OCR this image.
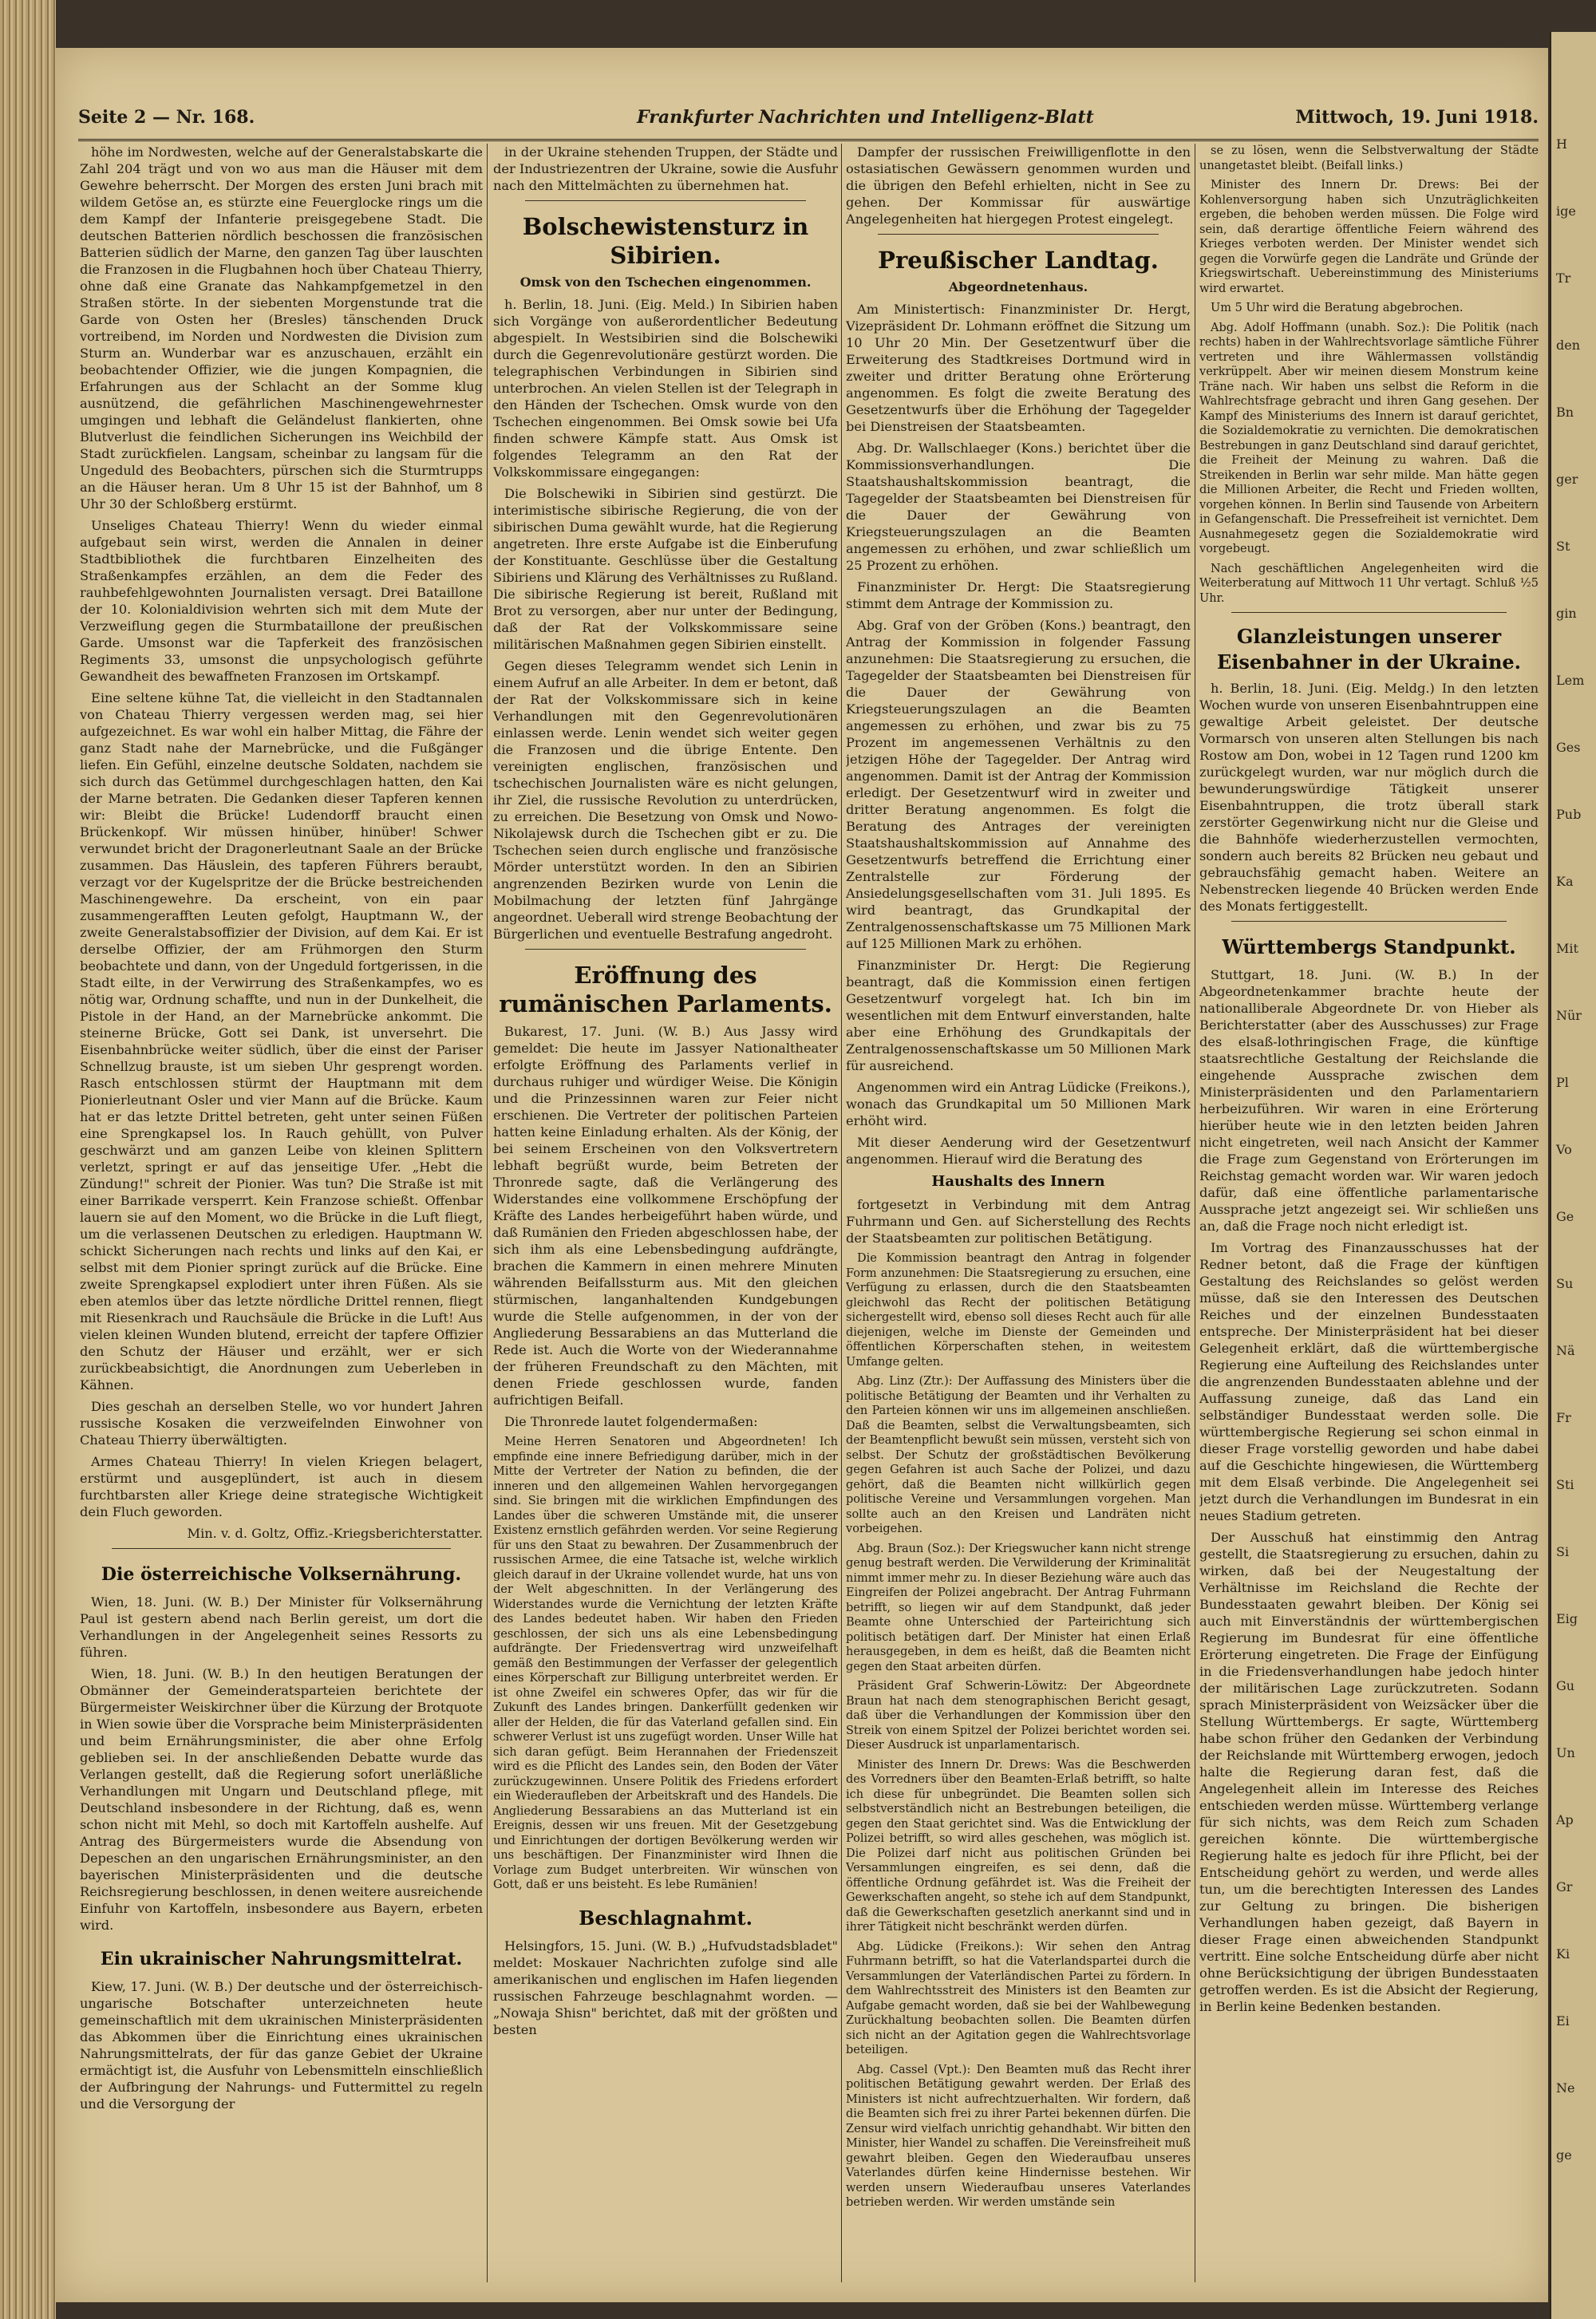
Seite 2 — Nr. 168.	Frankfurter Nachrichten und Intelligenz-Blatt	Mittwoch, 19. Juni 1918.

höhe im Nordwesten, welche auf der Generalstabskarte die Zahl 204 trägt und von wo aus man die Häuser mit dem Gewehre beherrscht. Der Morgen des ersten Juni brach mit wildem Getöse an, es stürzte eine Feuerglocke rings um die dem Kampf der Infanterie preisgegebene Stadt. Die deutschen Batterien nördlich beschossen die französischen Batterien südlich der Marne, den ganzen Tag über lauschten die Franzosen in die Flugbahnen hoch über Chateau Thierry, ohne daß eine Granate das Nahkampfgemetzel in den Straßen störte. In der siebenten Morgenstunde trat die Garde von Osten her (Bresles) tänschenden Druck vortreibend, im Norden und Nordwesten die Division zum Sturm an. Wunderbar war es anzuschauen, erzählt ein beobachtender Offizier, wie die jungen Kompagnien, die Erfahrungen aus der Schlacht an der Somme klug ausnützend, die gefährlichen Maschinengewehrnester umgingen und lebhaft die Geländelust flankierten, ohne Blutverlust die feindlichen Sicherungen ins Weichbild der Stadt zurückfielen. Langsam, scheinbar zu langsam für die Ungeduld des Beobachters, pürschen sich die Sturmtrupps an die Häuser heran. Um 8 Uhr 15 ist der Bahnhof, um 8 Uhr 30 der Schloßberg erstürmt.

Unseliges Chateau Thierry! Wenn du wieder einmal aufgebaut sein wirst, werden die Annalen in deiner Stadtbibliothek die furchtbaren Einzelheiten des Straßenkampfes erzählen, an dem die Feder des rauhbefehlgewohnten Journalisten versagt. Drei Bataillone der 10. Kolonialdivision wehrten sich mit dem Mute der Verzweiflung gegen die Sturmbataillone der preußischen Garde. Umsonst war die Tapferkeit des französischen Regiments 33, umsonst die unpsychologisch geführte Gewandheit des bewaffneten Franzosen im Ortskampf.

Eine seltene kühne Tat, die vielleicht in den Stadtannalen von Chateau Thierry vergessen werden mag, sei hier aufgezeichnet. Es war wohl ein halber Mittag, die Fähre der ganz Stadt nahe der Marnebrücke, und die Fußgänger liefen. Ein Gefühl, einzelne deutsche Soldaten, nachdem sie sich durch das Getümmel durchgeschlagen hatten, den Kai der Marne betraten. Die Gedanken dieser Tapferen kennen wir: Bleibt die Brücke! Ludendorff braucht einen Brückenkopf. Wir müssen hinüber, hinüber! Schwer verwundet bricht der Dragonerleutnant Saale an der Brücke zusammen. Das Häuslein, des tapferen Führers beraubt, verzagt vor der Kugelspritze der die Brücke bestreichenden Maschinengewehre. Da erscheint, von ein paar zusammengerafften Leuten gefolgt, Hauptmann W., der zweite Generalstabsoffizier der Division, auf dem Kai. Er ist derselbe Offizier, der am Frühmorgen den Sturm beobachtete und dann, von der Ungeduld fortgerissen, in die Stadt eilte, in der Verwirrung des Straßenkampfes, wo es nötig war, Ordnung schaffte, und nun in der Dunkelheit, die Pistole in der Hand, an der Marnebrücke ankommt. Die steinerne Brücke, Gott sei Dank, ist unversehrt. Die Eisenbahnbrücke weiter südlich, über die einst der Pariser Schnellzug brauste, ist um sieben Uhr gesprengt worden. Rasch entschlossen stürmt der Hauptmann mit dem Pionierleutnant Osler und vier Mann auf die Brücke. Kaum hat er das letzte Drittel betreten, geht unter seinen Füßen eine Sprengkapsel los. In Rauch gehüllt, von Pulver geschwärzt und am ganzen Leibe von kleinen Splittern verletzt, springt er auf das jenseitige Ufer. „Hebt die Zündung!" schreit der Pionier. Was tun? Die Straße ist mit einer Barrikade versperrt. Kein Franzose schießt. Offenbar lauern sie auf den Moment, wo die Brücke in die Luft fliegt, um die verlassenen Deutschen zu erledigen. Hauptmann W. schickt Sicherungen nach rechts und links auf den Kai, er selbst mit dem Pionier springt zurück auf die Brücke. Eine zweite Sprengkapsel explodiert unter ihren Füßen. Als sie eben atemlos über das letzte nördliche Drittel rennen, fliegt mit Riesenkrach und Rauchsäule die Brücke in die Luft! Aus vielen kleinen Wunden blutend, erreicht der tapfere Offizier den Schutz der Häuser und erzählt, wer er sich zurückbeabsichtigt, die Anordnungen zum Ueberleben in Kähnen.

Dies geschah an derselben Stelle, wo vor hundert Jahren russische Kosaken die verzweifelnden Einwohner von Chateau Thierry überwältigten.

Armes Chateau Thierry! In vielen Kriegen belagert, erstürmt und ausgeplündert, ist auch in diesem furchtbarsten aller Kriege deine strategische Wichtigkeit dein Fluch geworden.

Min. v. d. Goltz, Offiz.-Kriegsberichterstatter.

Die österreichische Volksernährung.

Wien, 18. Juni. (W. B.) Der Minister für Volksernährung Paul ist gestern abend nach Berlin gereist, um dort die Verhandlungen in der Angelegenheit seines Ressorts zu führen.

Wien, 18. Juni. (W. B.) In den heutigen Beratungen der Obmänner der Gemeinderatsparteien berichtete der Bürgermeister Weiskirchner über die Kürzung der Brotquote in Wien sowie über die Vorsprache beim Ministerpräsidenten und beim Ernährungsminister, die aber ohne Erfolg geblieben sei. In der anschließenden Debatte wurde das Verlangen gestellt, daß die Regierung sofort unerläßliche Verhandlungen mit Ungarn und Deutschland pflege, mit Deutschland insbesondere in der Richtung, daß es, wenn schon nicht mit Mehl, so doch mit Kartoffeln aushelfe. Auf Antrag des Bürgermeisters wurde die Absendung von Depeschen an den ungarischen Ernährungsminister, an den bayerischen Ministerpräsidenten und die deutsche Reichsregierung beschlossen, in denen weitere ausreichende Einfuhr von Kartoffeln, insbesondere aus Bayern, erbeten wird.

Ein ukrainischer Nahrungsmittelrat.

Kiew, 17. Juni. (W. B.) Der deutsche und der österreichisch-ungarische Botschafter unterzeichneten heute gemeinschaftlich mit dem ukrainischen Ministerpräsidenten das Abkommen über die Einrichtung eines ukrainischen Nahrungsmittelrats, der für das ganze Gebiet der Ukraine ermächtigt ist, die Ausfuhr von Lebensmitteln einschließlich der Aufbringung der Nahrungs- und Futtermittel zu regeln und die Versorgung der

in der Ukraine stehenden Truppen, der Städte und der Industriezentren der Ukraine, sowie die Ausfuhr nach den Mittelmächten zu übernehmen hat.

Bolschewistensturz in Sibirien.
Omsk von den Tschechen eingenommen.

h. Berlin, 18. Juni. (Eig. Meld.) In Sibirien haben sich Vorgänge von außerordentlicher Bedeutung abgespielt. In Westsibirien sind die Bolschewiki durch die Gegenrevolutionäre gestürzt worden. Die telegraphischen Verbindungen in Sibirien sind unterbrochen. An vielen Stellen ist der Telegraph in den Händen der Tschechen. Omsk wurde von den Tschechen eingenommen. Bei Omsk sowie bei Ufa finden schwere Kämpfe statt. Aus Omsk ist folgendes Telegramm an den Rat der Volkskommissare eingegangen:

Die Bolschewiki in Sibirien sind gestürzt. Die interimistische sibirische Regierung, die von der sibirischen Duma gewählt wurde, hat die Regierung angetreten. Ihre erste Aufgabe ist die Einberufung der Konstituante. Geschlüsse über die Gestaltung Sibiriens und Klärung des Verhältnisses zu Rußland. Die sibirische Regierung ist bereit, Rußland mit Brot zu versorgen, aber nur unter der Bedingung, daß der Rat der Volkskommissare seine militärischen Maßnahmen gegen Sibirien einstellt.

Gegen dieses Telegramm wendet sich Lenin in einem Aufruf an alle Arbeiter. In dem er betont, daß der Rat der Volkskommissare sich in keine Verhandlungen mit den Gegenrevolutionären einlassen werde. Lenin wendet sich weiter gegen die Franzosen und die übrige Entente. Den vereinigten englischen, französischen und tschechischen Journalisten wäre es nicht gelungen, ihr Ziel, die russische Revolution zu unterdrücken, zu erreichen. Die Besetzung von Omsk und Nowo-Nikolajewsk durch die Tschechen gibt er zu. Die Tschechen seien durch englische und französische Mörder unterstützt worden. In den an Sibirien angrenzenden Bezirken wurde von Lenin die Mobilmachung der letzten fünf Jahrgänge angeordnet. Ueberall wird strenge Beobachtung der Bürgerlichen und eventuelle Bestrafung angedroht.

Eröffnung des rumänischen Parlaments.

Bukarest, 17. Juni. (W. B.) Aus Jassy wird gemeldet: Die heute im Jassyer Nationaltheater erfolgte Eröffnung des Parlaments verlief in durchaus ruhiger und würdiger Weise. Die Königin und die Prinzessinnen waren zur Feier nicht erschienen. Die Vertreter der politischen Parteien hatten keine Einladung erhalten. Als der König, der bei seinem Erscheinen von den Volksvertretern lebhaft begrüßt wurde, beim Betreten der Thronrede sagte, daß die Verlängerung des Widerstandes eine vollkommene Erschöpfung der Kräfte des Landes herbeigeführt haben würde, und daß Rumänien den Frieden abgeschlossen habe, der sich ihm als eine Lebensbedingung aufdrängte, brachen die Kammern in einen mehrere Minuten währenden Beifallssturm aus. Mit den gleichen stürmischen, langanhaltenden Kundgebungen wurde die Stelle aufgenommen, in der von der Angliederung Bessarabiens an das Mutterland die Rede ist. Auch die Worte von der Wiederannahme der früheren Freundschaft zu den Mächten, mit denen Friede geschlossen wurde, fanden aufrichtigen Beifall.

Die Thronrede lautet folgendermaßen:

Meine Herren Senatoren und Abgeordneten! Ich empfinde eine innere Befriedigung darüber, mich in der Mitte der Vertreter der Nation zu befinden, die der inneren und den allgemeinen Wahlen hervorgegangen sind. Sie bringen mit die wirklichen Empfindungen des Landes über die schweren Umstände mit, die unserer Existenz ernstlich gefährden werden. Vor seine Regierung für uns den Staat zu bewahren. Der Zusammenbruch der russischen Armee, die eine Tatsache ist, welche wirklich gleich darauf in der Ukraine vollendet wurde, hat uns von der Welt abgeschnitten. In der Verlängerung des Widerstandes wurde die Vernichtung der letzten Kräfte des Landes bedeutet haben. Wir haben den Frieden geschlossen, der sich uns als eine Lebensbedingung aufdrängte. Der Friedensvertrag wird unzweifelhaft gemäß den Bestimmungen der Verfasser der gelegentlich eines Körperschaft zur Billigung unterbreitet werden. Er ist ohne Zweifel ein schweres Opfer, das wir für die Zukunft des Landes bringen. Dankerfüllt gedenken wir aller der Helden, die für das Vaterland gefallen sind. Ein schwerer Verlust ist uns zugefügt worden. Unser Wille hat sich daran gefügt. Beim Herannahen der Friedenszeit wird es die Pflicht des Landes sein, den Boden der Väter zurückzugewinnen. Unsere Politik des Friedens erfordert ein Wiederaufleben der Arbeitskraft und des Handels. Die Angliederung Bessarabiens an das Mutterland ist ein Ereignis, dessen wir uns freuen. Mit der Gesetzgebung und Einrichtungen der dortigen Bevölkerung werden wir uns beschäftigen. Der Finanzminister wird Ihnen die Vorlage zum Budget unterbreiten. Wir wünschen von Gott, daß er uns beisteht. Es lebe Rumänien!

Beschlagnahmt.

Helsingfors, 15. Juni. (W. B.) „Hufvudstadsbladet" meldet: Moskauer Nachrichten zufolge sind alle amerikanischen und englischen im Hafen liegenden russischen Fahrzeuge beschlagnahmt worden. — „Nowaja Shisn" berichtet, daß mit der größten und besten

Dampfer der russischen Freiwilligenflotte in den ostasiatischen Gewässern genommen wurden und die übrigen den Befehl erhielten, nicht in See zu gehen. Der Kommissar für auswärtige Angelegenheiten hat hiergegen Protest eingelegt.

Preußischer Landtag.
Abgeordnetenhaus.

Am Ministertisch: Finanzminister Dr. Hergt, Vizepräsident Dr. Lohmann eröffnet die Sitzung um 10 Uhr 20 Min. Der Gesetzentwurf über die Erweiterung des Stadtkreises Dortmund wird in zweiter und dritter Beratung ohne Erörterung angenommen. Es folgt die zweite Beratung des Gesetzentwurfs über die Erhöhung der Tagegelder bei Dienstreisen der Staatsbeamten.

Abg. Dr. Wallschlaeger (Kons.) berichtet über die Kommissionsverhandlungen. Die Staatshaushaltskommission beantragt, die Tagegelder der Staatsbeamten bei Dienstreisen für die Dauer der Gewährung von Kriegsteuerungszulagen an die Beamten angemessen zu erhöhen, und zwar schließlich um 25 Prozent zu erhöhen.

Finanzminister Dr. Hergt: Die Staatsregierung stimmt dem Antrage der Kommission zu.

Abg. Graf von der Gröben (Kons.) beantragt, den Antrag der Kommission in folgender Fassung anzunehmen: Die Staatsregierung zu ersuchen, die Tagegelder der Staatsbeamten bei Dienstreisen für die Dauer der Gewährung von Kriegsteuerungszulagen an die Beamten angemessen zu erhöhen, und zwar bis zu 75 Prozent im angemessenen Verhältnis zu den jetzigen Höhe der Tagegelder. Der Antrag wird angenommen. Damit ist der Antrag der Kommission erledigt. Der Gesetzentwurf wird in zweiter und dritter Beratung angenommen. Es folgt die Beratung des Antrages der vereinigten Staatshaushaltskommission auf Annahme des Gesetzentwurfs betreffend die Errichtung einer Zentralstelle zur Förderung der Ansiedelungsgesellschaften vom 31. Juli 1895. Es wird beantragt, das Grundkapital der Zentralgenossenschaftskasse um 75 Millionen Mark auf 125 Millionen Mark zu erhöhen.

Finanzminister Dr. Hergt: Die Regierung beantragt, daß die Kommission einen fertigen Gesetzentwurf vorgelegt hat. Ich bin im wesentlichen mit dem Entwurf einverstanden, halte aber eine Erhöhung des Grundkapitals der Zentralgenossenschaftskasse um 50 Millionen Mark für ausreichend.

Angenommen wird ein Antrag Lüdicke (Freikons.), wonach das Grundkapital um 50 Millionen Mark erhöht wird.

Mit dieser Aenderung wird der Gesetzentwurf angenommen. Hierauf wird die Beratung des

Haushalts des Innern

fortgesetzt in Verbindung mit dem Antrag Fuhrmann und Gen. auf Sicherstellung des Rechts der Staatsbeamten zur politischen Betätigung.

Die Kommission beantragt den Antrag in folgender Form anzunehmen: Die Staatsregierung zu ersuchen, eine Verfügung zu erlassen, durch die den Staatsbeamten gleichwohl das Recht der politischen Betätigung sichergestellt wird, ebenso soll dieses Recht auch für alle diejenigen, welche im Dienste der Gemeinden und öffentlichen Körperschaften stehen, in weitestem Umfange gelten.

Abg. Linz (Ztr.): Der Auffassung des Ministers über die politische Betätigung der Beamten und ihr Verhalten zu den Parteien können wir uns im allgemeinen anschließen. Daß die Beamten, selbst die Verwaltungsbeamten, sich der Beamtenpflicht bewußt sein müssen, versteht sich von selbst. Der Schutz der großstädtischen Bevölkerung gegen Gefahren ist auch Sache der Polizei, und dazu gehört, daß die Beamten nicht willkürlich gegen politische Vereine und Versammlungen vorgehen. Man sollte auch an den Kreisen und Landräten nicht vorbeigehen.

Abg. Braun (Soz.): Der Kriegswucher kann nicht strenge genug bestraft werden. Die Verwilderung der Kriminalität nimmt immer mehr zu. In dieser Beziehung wäre auch das Eingreifen der Polizei angebracht. Der Antrag Fuhrmann betrifft, so liegen wir auf dem Standpunkt, daß jeder Beamte ohne Unterschied der Parteirichtung sich politisch betätigen darf. Der Minister hat einen Erlaß herausgegeben, in dem es heißt, daß die Beamten nicht gegen den Staat arbeiten dürfen.

Präsident Graf Schwerin-Löwitz: Der Abgeordnete Braun hat nach dem stenographischen Bericht gesagt, daß über die Verhandlungen der Kommission über den Streik von einem Spitzel der Polizei berichtet worden sei. Dieser Ausdruck ist unparlamentarisch.

Minister des Innern Dr. Drews: Was die Beschwerden des Vorredners über den Beamten-Erlaß betrifft, so halte ich diese für unbegründet. Die Beamten sollen sich selbstverständlich nicht an Bestrebungen beteiligen, die gegen den Staat gerichtet sind. Was die Entwicklung der Polizei betrifft, so wird alles geschehen, was möglich ist. Die Polizei darf nicht aus politischen Gründen bei Versammlungen eingreifen, es sei denn, daß die öffentliche Ordnung gefährdet ist. Was die Freiheit der Gewerkschaften angeht, so stehe ich auf dem Standpunkt, daß die Gewerkschaften gesetzlich anerkannt sind und in ihrer Tätigkeit nicht beschränkt werden dürfen.

Abg. Lüdicke (Freikons.): Wir sehen den Antrag Fuhrmann betrifft, so hat die Vaterlandspartei durch die Versammlungen der Vaterländischen Partei zu fördern. In dem Wahlrechtsstreit des Ministers ist den Beamten zur Aufgabe gemacht worden, daß sie bei der Wahlbewegung Zurückhaltung beobachten sollen. Die Beamten dürfen sich nicht an der Agitation gegen die Wahlrechtsvorlage beteiligen.

Abg. Cassel (Vpt.): Den Beamten muß das Recht ihrer politischen Betätigung gewahrt werden. Der Erlaß des Ministers ist nicht aufrechtzuerhalten. Wir fordern, daß die Beamten sich frei zu ihrer Partei bekennen dürfen. Die Zensur wird vielfach unrichtig gehandhabt. Wir bitten den Minister, hier Wandel zu schaffen. Die Vereinsfreiheit muß gewahrt bleiben. Gegen den Wiederaufbau unseres Vaterlandes dürfen keine Hindernisse bestehen. Wir werden unsern Wiederaufbau unseres Vaterlandes betrieben werden. Wir werden umstände sein

se zu lösen, wenn die Selbstverwaltung der Städte unangetastet bleibt. (Beifall links.)

Minister des Innern Dr. Drews: Bei der Kohlenversorgung haben sich Unzuträglichkeiten ergeben, die behoben werden müssen. Die Folge wird sein, daß derartige öffentliche Feiern während des Krieges verboten werden. Der Minister wendet sich gegen die Vorwürfe gegen die Landräte und Gründe der Kriegswirtschaft. Uebereinstimmung des Ministeriums wird erwartet.

Um 5 Uhr wird die Beratung abgebrochen.

Abg. Adolf Hoffmann (unabh. Soz.): Die Politik (nach rechts) haben in der Wahlrechtsvorlage sämtliche Führer vertreten und ihre Wählermassen vollständig verkrüppelt. Aber wir meinen diesem Monstrum keine Träne nach. Wir haben uns selbst die Reform in die Wahlrechtsfrage gebracht und ihren Gang gesehen. Der Kampf des Ministeriums des Innern ist darauf gerichtet, die Sozialdemokratie zu vernichten. Die demokratischen Bestrebungen in ganz Deutschland sind darauf gerichtet, die Freiheit der Meinung zu wahren. Daß die Streikenden in Berlin war sehr milde. Man hätte gegen die Millionen Arbeiter, die Recht und Frieden wollten, vorgehen können. In Berlin sind Tausende von Arbeitern in Gefangenschaft. Die Pressefreiheit ist vernichtet. Dem Ausnahmegesetz gegen die Sozialdemokratie wird vorgebeugt.

Nach geschäftlichen Angelegenheiten wird die Weiterberatung auf Mittwoch 11 Uhr vertagt. Schluß ½5 Uhr.

Glanzleistungen unserer Eisenbahner in der Ukraine.

h. Berlin, 18. Juni. (Eig. Meldg.) In den letzten Wochen wurde von unseren Eisenbahntruppen eine gewaltige Arbeit geleistet. Der deutsche Vormarsch von unseren alten Stellungen bis nach Rostow am Don, wobei in 12 Tagen rund 1200 km zurückgelegt wurden, war nur möglich durch die bewunderungswürdige Tätigkeit unserer Eisenbahntruppen, die trotz überall stark zerstörter Gegenwirkung nicht nur die Gleise und die Bahnhöfe wiederherzustellen vermochten, sondern auch bereits 82 Brücken neu gebaut und gebrauchsfähig gemacht haben. Weitere an Nebenstrecken liegende 40 Brücken werden Ende des Monats fertiggestellt.

Württembergs Standpunkt.

Stuttgart, 18. Juni. (W. B.) In der Abgeordnetenkammer brachte heute der nationalliberale Abgeordnete Dr. von Hieber als Berichterstatter (aber des Ausschusses) zur Frage des elsaß-lothringischen Frage, die künftige staatsrechtliche Gestaltung der Reichslande die eingehende Aussprache zwischen dem Ministerpräsidenten und den Parlamentariern herbeizuführen. Wir waren in eine Erörterung hierüber heute wie in den letzten beiden Jahren nicht eingetreten, weil nach Ansicht der Kammer die Frage zum Gegenstand von Erörterungen im Reichstag gemacht worden war. Wir waren jedoch dafür, daß eine öffentliche parlamentarische Aussprache jetzt angezeigt sei. Wir schließen uns an, daß die Frage noch nicht erledigt ist.

Im Vortrag des Finanzausschusses hat der Redner betont, daß die Frage der künftigen Gestaltung des Reichslandes so gelöst werden müsse, daß sie den Interessen des Deutschen Reiches und der einzelnen Bundesstaaten entspreche. Der Ministerpräsident hat bei dieser Gelegenheit erklärt, daß die württembergische Regierung eine Aufteilung des Reichslandes unter die angrenzenden Bundesstaaten ablehne und der Auffassung zuneige, daß das Land ein selbständiger Bundesstaat werden solle. Die württembergische Regierung sei schon einmal in dieser Frage vorstellig geworden und habe dabei auf die Geschichte hingewiesen, die Württemberg mit dem Elsaß verbinde. Die Angelegenheit sei jetzt durch die Verhandlungen im Bundesrat in ein neues Stadium getreten.

Der Ausschuß hat einstimmig den Antrag gestellt, die Staatsregierung zu ersuchen, dahin zu wirken, daß bei der Neugestaltung der Verhältnisse im Reichsland die Rechte der Bundesstaaten gewahrt bleiben. Der König sei auch mit Einverständnis der württembergischen Regierung im Bundesrat für eine öffentliche Erörterung eingetreten. Die Frage der Einfügung in die Friedensverhandlungen habe jedoch hinter der militärischen Lage zurückzutreten. Sodann sprach Ministerpräsident von Weizsäcker über die Stellung Württembergs. Er sagte, Württemberg habe schon früher den Gedanken der Verbindung der Reichslande mit Württemberg erwogen, jedoch halte die Regierung daran fest, daß die Angelegenheit allein im Interesse des Reiches entschieden werden müsse. Württemberg verlange für sich nichts, was dem Reich zum Schaden gereichen könnte. Die württembergische Regierung halte es jedoch für ihre Pflicht, bei der Entscheidung gehört zu werden, und werde alles tun, um die berechtigten Interessen des Landes zur Geltung zu bringen. Die bisherigen Verhandlungen haben gezeigt, daß Bayern in dieser Frage einen abweichenden Standpunkt vertritt. Eine solche Entscheidung dürfe aber nicht ohne Berücksichtigung der übrigen Bundesstaaten getroffen werden. Es ist die Absicht der Regierung, in Berlin keine Bedenken bestanden.

H
ige
Tr
den
Bn
ger
St
gin
Lem
Ges
Pub
Ka
Mit
Nür
Pl
Vo
Ge
Su
Nä
Fr
Sti
Si
Eig
Gu
Un
Ap
Gr
Ki
Ei
Ne
ge
